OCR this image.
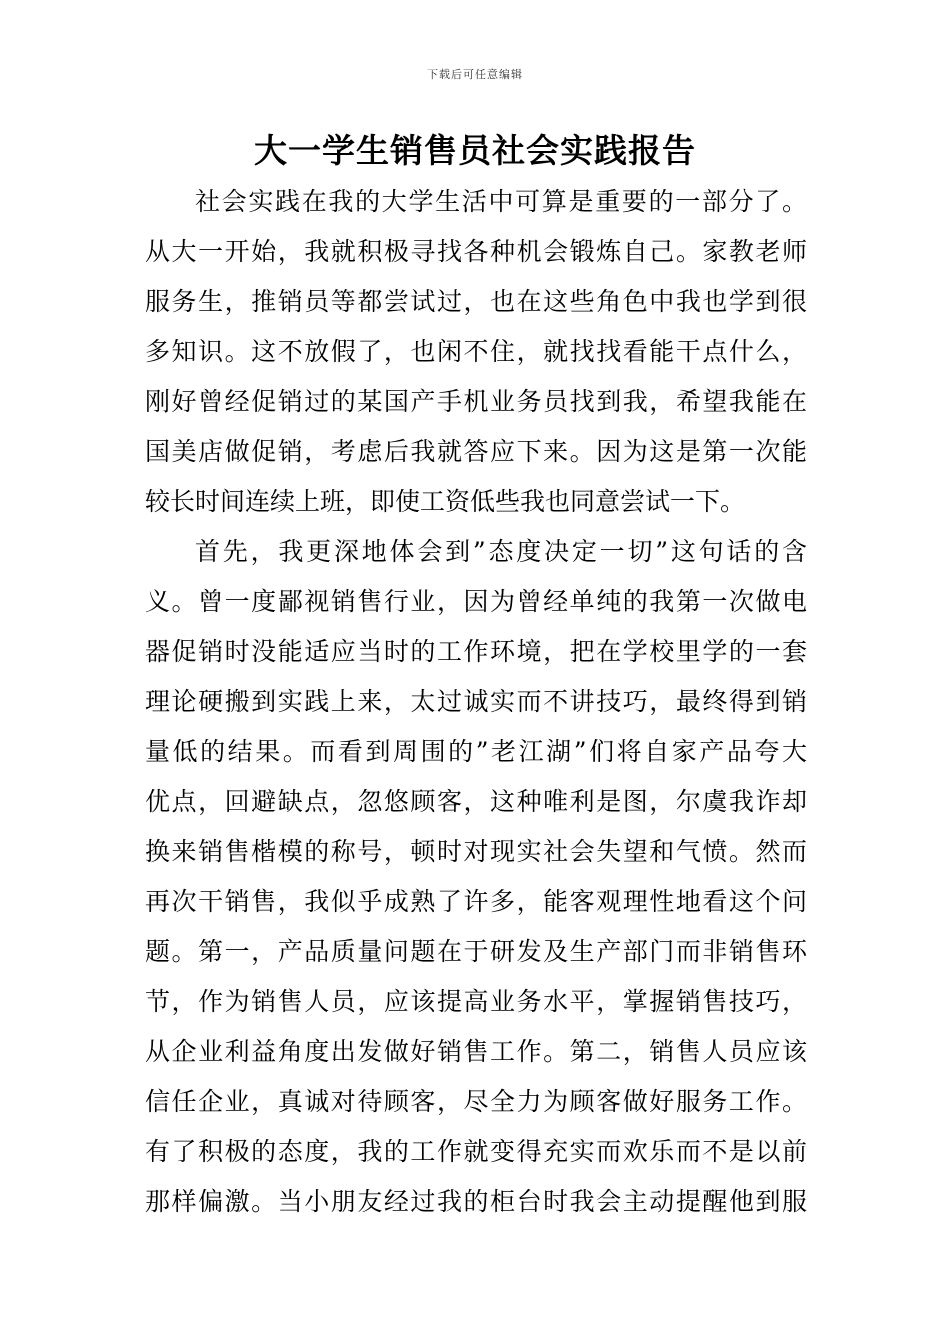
下载后可任意编辑
大一学生销售员社会实践报告
社会实践在我的大学生活中可算是重要的一部分了。
从大一开始，我就积极寻找各种机会锻炼自己。家教老师
服务生，推销员等都尝试过，也在这些角色中我也学到很
多知识。这不放假了，也闲不住，就找找看能干点什么，
刚好曾经促销过的某国产手机业务员找到我，希望我能在
国美店做促销，考虑后我就答应下来。因为这是第一次能
较长时间连续上班，即使工资低些我也同意尝试一下。
首先，我更深地体会到”态度决定一切”这句话的含
义。曾一度鄙视销售行业，因为曾经单纯的我第一次做电
器促销时没能适应当时的工作环境，把在学校里学的一套
理论硬搬到实践上来，太过诚实而不讲技巧，最终得到销
量低的结果。而看到周围的”老江湖”们将自家产品夸大
优点，回避缺点，忽悠顾客，这种唯利是图，尔虞我诈却
换来销售楷模的称号，顿时对现实社会失望和气愤。然而
再次干销售，我似乎成熟了许多，能客观理性地看这个问
题。第一，产品质量问题在于研发及生产部门而非销售环
节，作为销售人员，应该提高业务水平，掌握销售技巧，
从企业利益角度出发做好销售工作。第二，销售人员应该
信任企业，真诚对待顾客，尽全力为顾客做好服务工作。
有了积极的态度，我的工作就变得充实而欢乐而不是以前
那样偏激。当小朋友经过我的柜台时我会主动提醒他到服
